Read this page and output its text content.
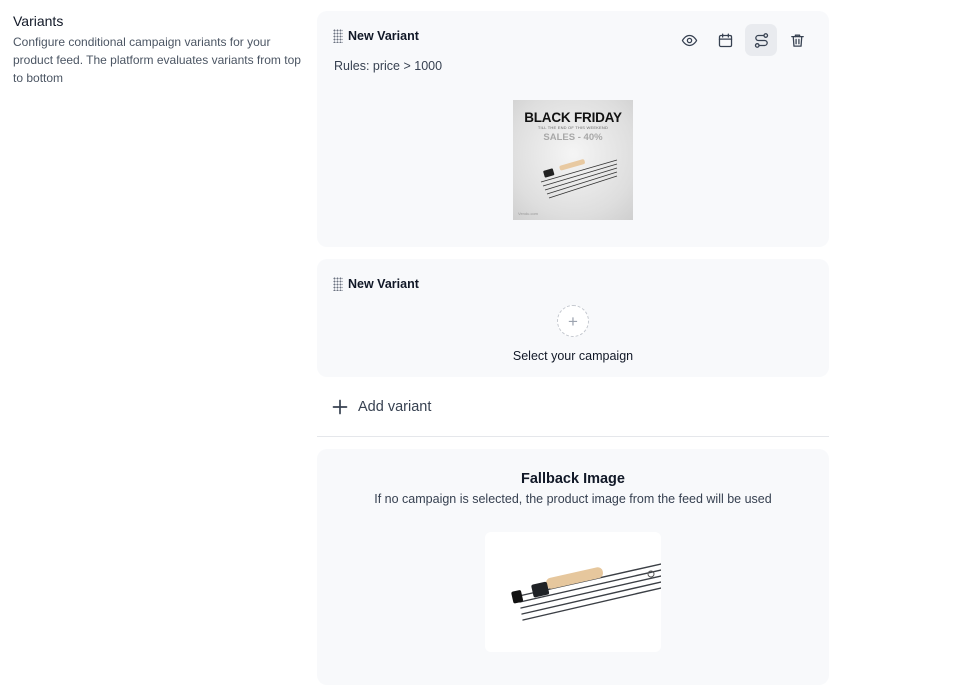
Variants

Configure conditional campaign variants for your product feed. The platform evaluates variants from top to bottom

New Variant
Rules: price > 1000
BLACK FRIDAY
TILL THE END OF THIS WEEKEND
SALES - 40%
Vendu.com
New Variant
+
Select your campaign
Add variant
Fallback Image
If no campaign is selected, the product image from the feed will be used
